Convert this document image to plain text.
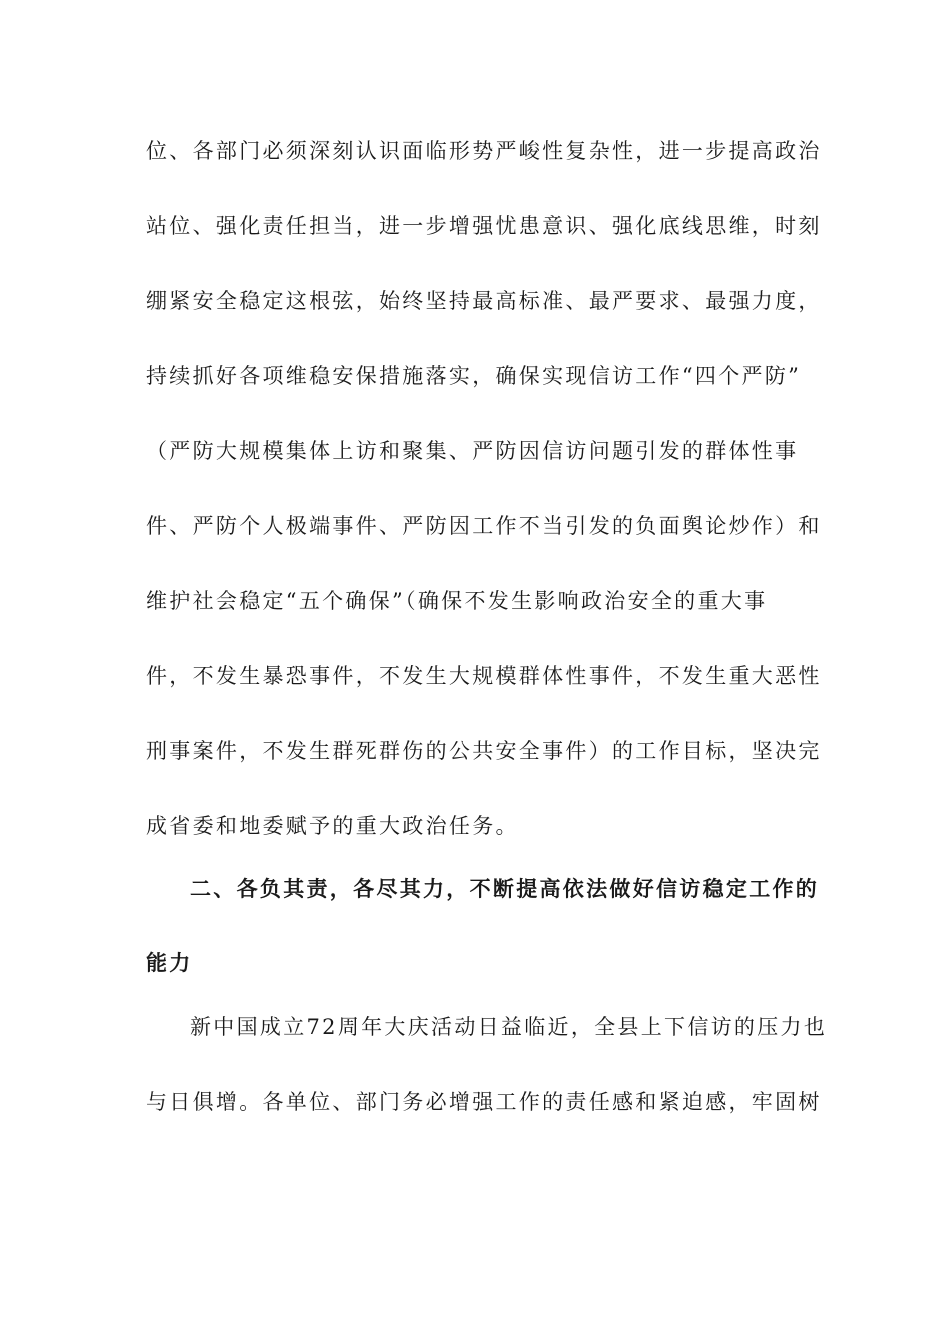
位、各部门必须深刻认识面临形势严峻性复杂性，进一步提高政治
站位、强化责任担当，进一步增强忧患意识、强化底线思维，时刻
绷紧安全稳定这根弦，始终坚持最高标准、最严要求、最强力度，
持续抓好各项维稳安保措施落实，确保实现信访工作“四个严防”
（严防大规模集体上访和聚集、严防因信访问题引发的群体性事
件、严防个人极端事件、严防因工作不当引发的负面舆论炒作）和
维护社会稳定“五个确保”（确保不发生影响政治安全的重大事
件，不发生暴恐事件，不发生大规模群体性事件，不发生重大恶性
刑事案件，不发生群死群伤的公共安全事件）的工作目标，坚决完
成省委和地委赋予的重大政治任务。
二、各负其责，各尽其力，不断提高依法做好信访稳定工作的
能力
新中国成立72周年大庆活动日益临近，全县上下信访的压力也
与日俱增。各单位、部门务必增强工作的责任感和紧迫感，牢固树
